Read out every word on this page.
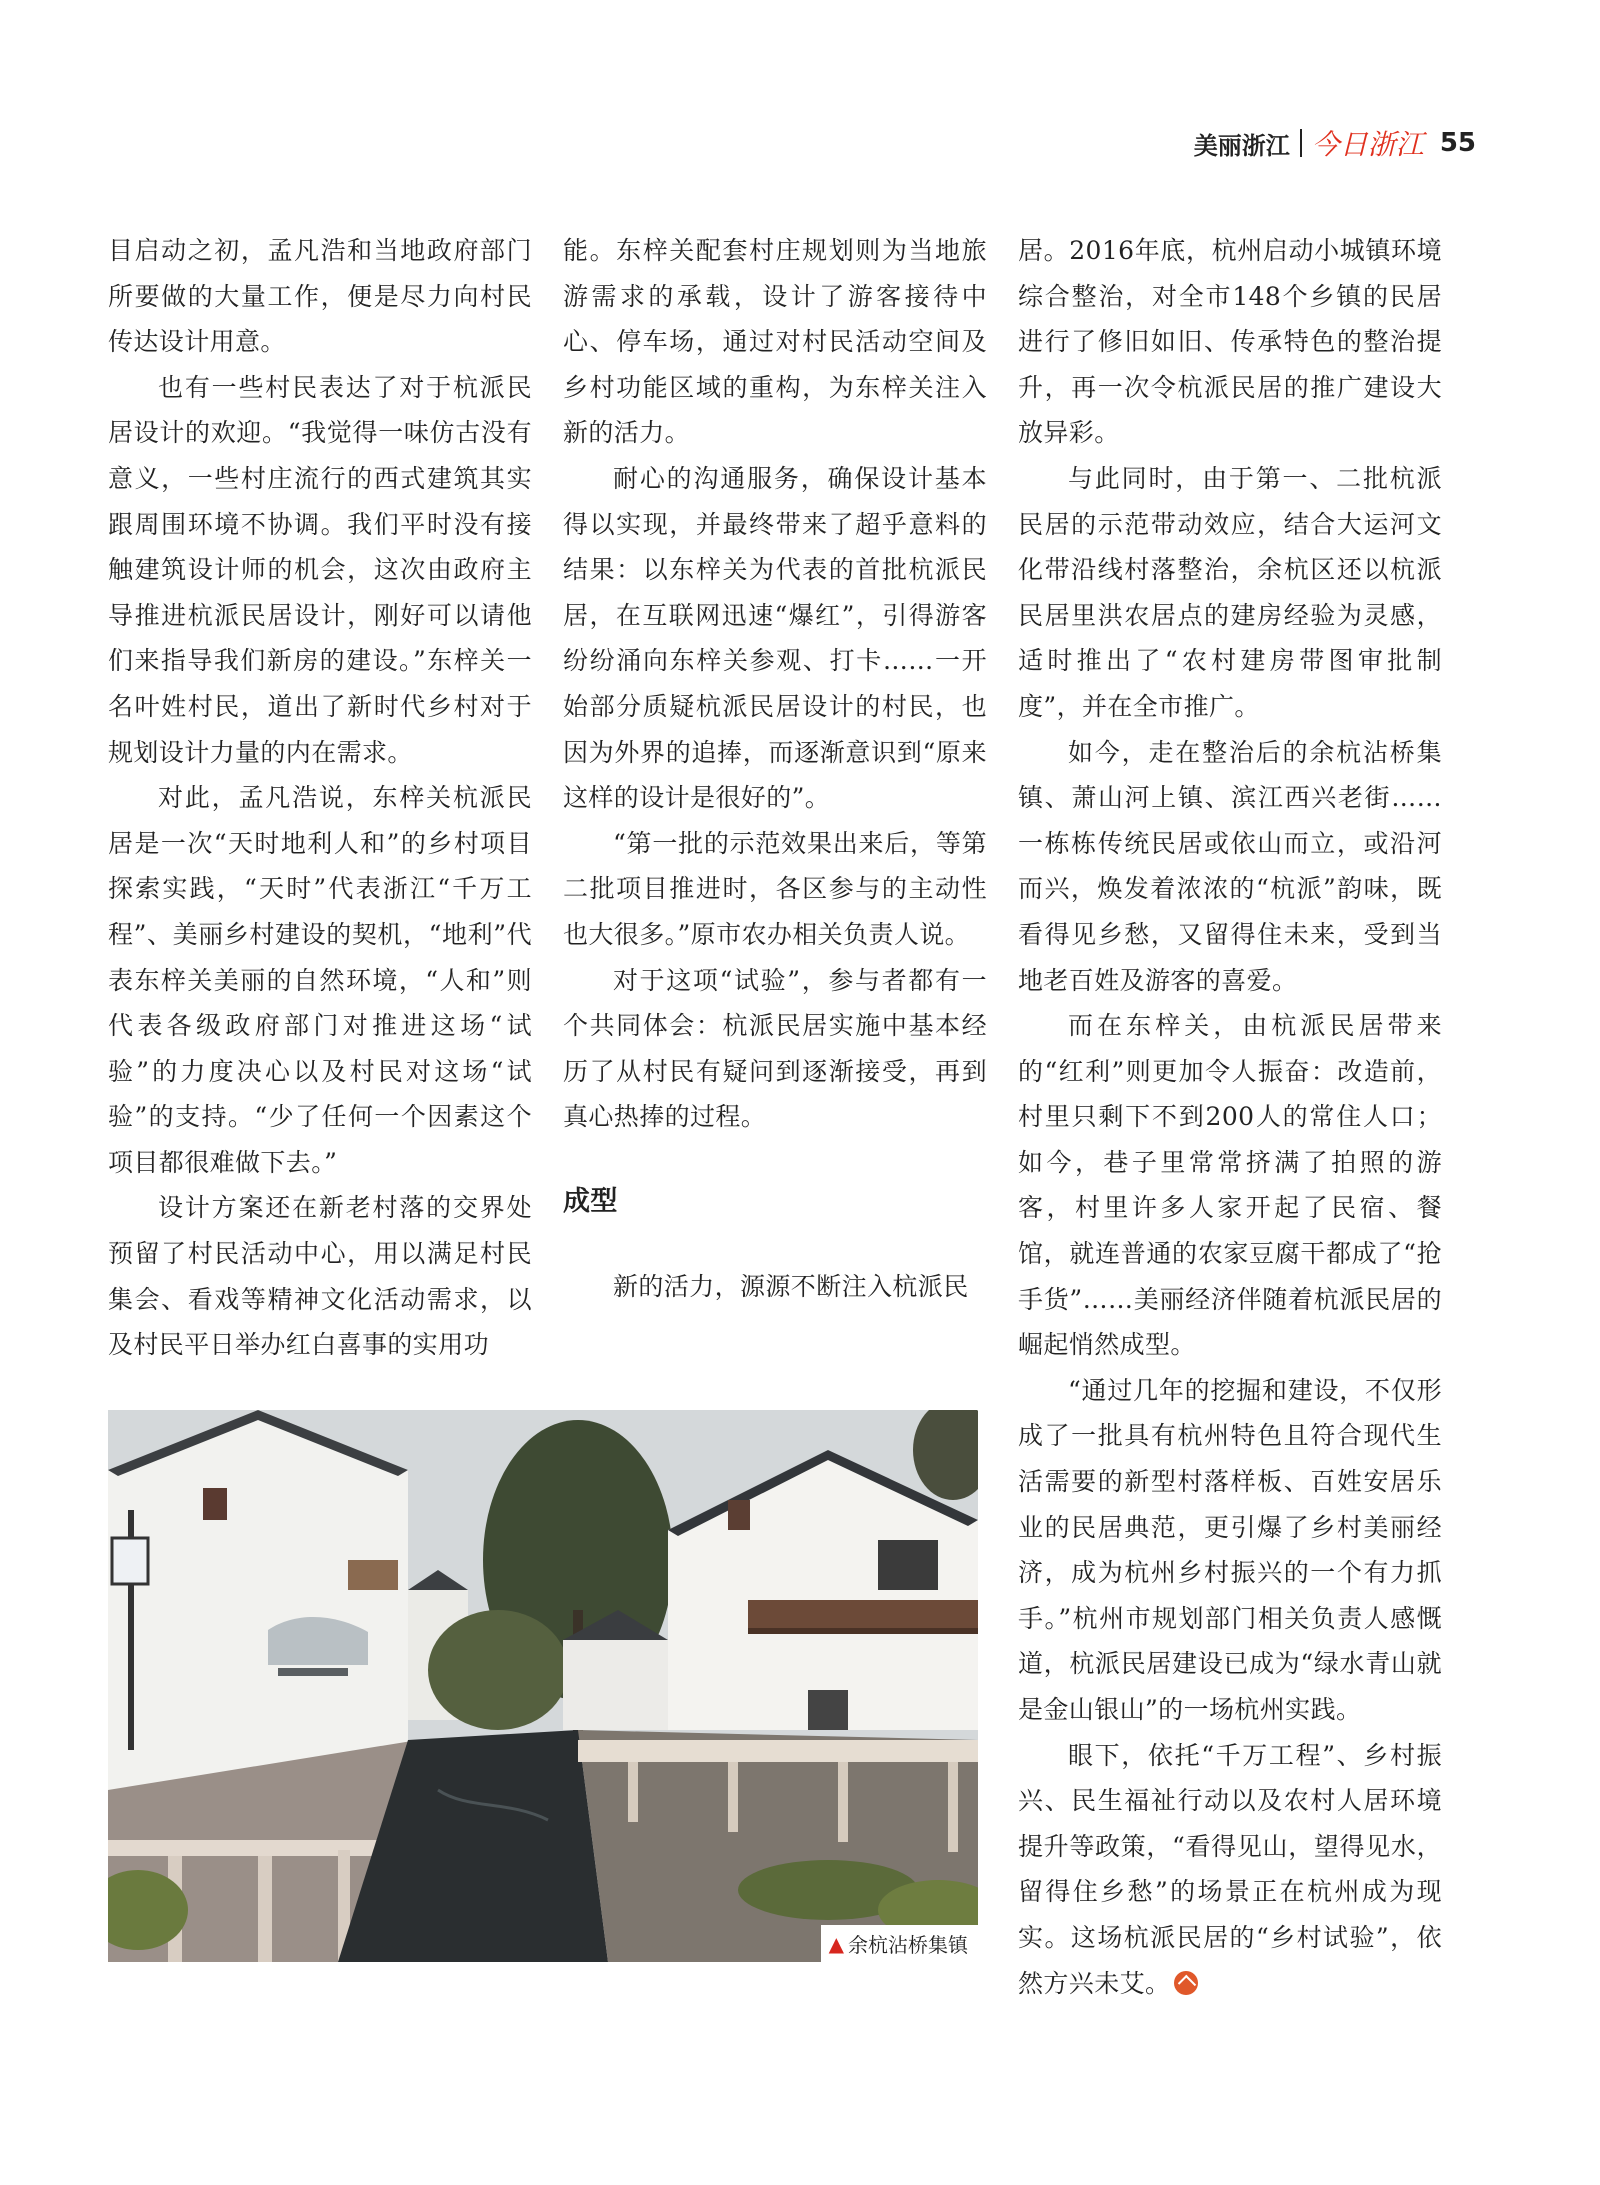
美丽浙江 今日浙江 55

目启动之初，孟凡浩和当地政府部门所要做的大量工作，便是尽力向村民传达设计用意。

也有一些村民表达了对于杭派民居设计的欢迎。“我觉得一味仿古没有意义，一些村庄流行的西式建筑其实跟周围环境不协调。我们平时没有接触建筑设计师的机会，这次由政府主导推进杭派民居设计，刚好可以请他们来指导我们新房的建设。”东梓关一名叶姓村民，道出了新时代乡村对于规划设计力量的内在需求。

对此，孟凡浩说，东梓关杭派民居是一次“天时地利人和”的乡村项目探索实践，“天时”代表浙江“千万工程”、美丽乡村建设的契机，“地利”代表东梓关美丽的自然环境，“人和”则代表各级政府部门对推进这场“试验”的力度决心以及村民对这场“试验”的支持。“少了任何一个因素这个项目都很难做下去。”

设计方案还在新老村落的交界处预留了村民活动中心，用以满足村民集会、看戏等精神文化活动需求，以及村民平日举办红白喜事的实用功

能。东梓关配套村庄规划则为当地旅游需求的承载，设计了游客接待中心、停车场，通过对村民活动空间及乡村功能区域的重构，为东梓关注入新的活力。

耐心的沟通服务，确保设计基本得以实现，并最终带来了超乎意料的结果：以东梓关为代表的首批杭派民居，在互联网迅速“爆红”，引得游客纷纷涌向东梓关参观、打卡……一开始部分质疑杭派民居设计的村民，也因为外界的追捧，而逐渐意识到“原来这样的设计是很好的”。

“第一批的示范效果出来后，等第二批项目推进时，各区参与的主动性也大很多。”原市农办相关负责人说。

对于这项“试验”，参与者都有一个共同体会：杭派民居实施中基本经历了从村民有疑问到逐渐接受，再到真心热捧的过程。

成型

新的活力，源源不断注入杭派民

居。2016年底，杭州启动小城镇环境综合整治，对全市148个乡镇的民居进行了修旧如旧、传承特色的整治提升，再一次令杭派民居的推广建设大放异彩。

与此同时，由于第一、二批杭派民居的示范带动效应，结合大运河文化带沿线村落整治，余杭区还以杭派民居里洪农居点的建房经验为灵感，适时推出了“农村建房带图审批制度”，并在全市推广。

如今，走在整治后的余杭沾桥集镇、萧山河上镇、滨江西兴老街……一栋栋传统民居或依山而立，或沿河而兴，焕发着浓浓的“杭派”韵味，既看得见乡愁，又留得住未来，受到当地老百姓及游客的喜爱。

而在东梓关，由杭派民居带来的“红利”则更加令人振奋：改造前，村里只剩下不到200人的常住人口；如今，巷子里常常挤满了拍照的游客，村里许多人家开起了民宿、餐馆，就连普通的农家豆腐干都成了“抢手货”……美丽经济伴随着杭派民居的崛起悄然成型。

“通过几年的挖掘和建设，不仅形成了一批具有杭州特色且符合现代生活需要的新型村落样板、百姓安居乐业的民居典范，更引爆了乡村美丽经济，成为杭州乡村振兴的一个有力抓手。”杭州市规划部门相关负责人感慨道，杭派民居建设已成为“绿水青山就是金山银山”的一场杭州实践。

眼下，依托“千万工程”、乡村振兴、民生福祉行动以及农村人居环境提升等政策，“看得见山，望得见水，留得住乡愁”的场景正在杭州成为现实。这场杭派民居的“乡村试验”，依然方兴未艾。

▲ 余杭沾桥集镇
